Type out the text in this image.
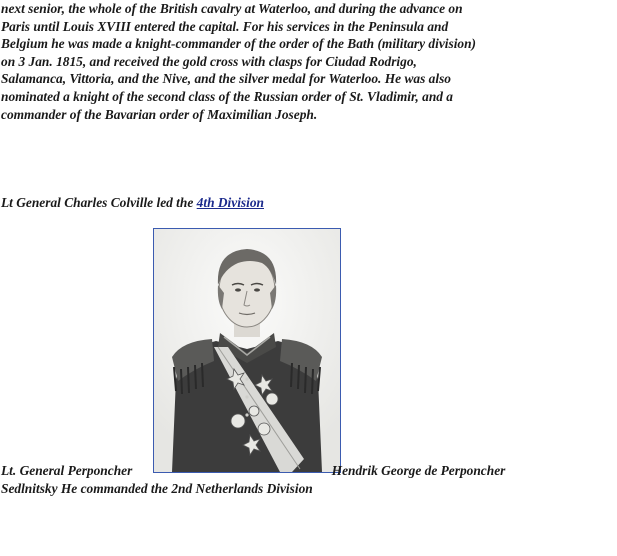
next senior, the whole of the British cavalry at Waterloo, and during the advance on
Paris until Louis XVIII entered the capital. For his services in the Peninsula and
Belgium he was made a knight-commander of the order of the Bath (military division)
on 3 Jan. 1815, and received the gold cross with clasps for Ciudad Rodrigo,
Salamanca, Vittoria, and the Nive, and the silver medal for Waterloo. He was also
nominated a knight of the second class of the Russian order of St. Vladimir, and a
commander of the Bavarian order of Maximilian Joseph.

Lt General Charles Colville led the 4th Division

Lt. General Perponcher	Hendrik George de Perponcher
Sedlnitsky He commanded the 2nd Netherlands Division
